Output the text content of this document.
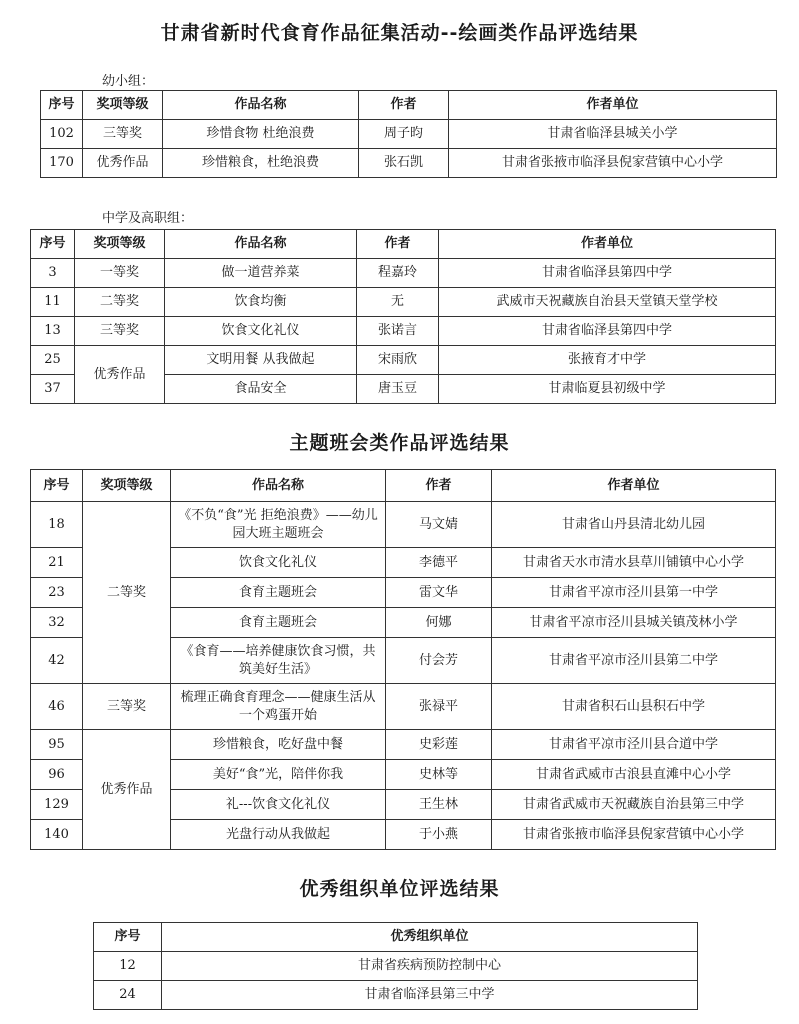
甘肃省新时代食育作品征集活动--绘画类作品评选结果
幼小组：
序号	奖项等级	作品名称	作者	作者单位
102	三等奖	珍惜食物 杜绝浪费	周子昀	甘肃省临泽县城关小学
170	优秀作品	珍惜粮食，杜绝浪费	张石凯	甘肃省张掖市临泽县倪家营镇中心小学
中学及高职组：
序号	奖项等级	作品名称	作者	作者单位
3	一等奖	做一道营养菜	程嘉玲	甘肃省临泽县第四中学
11	二等奖	饮食均衡	无	武威市天祝藏族自治县天堂镇天堂学校
13	三等奖	饮食文化礼仪	张诺言	甘肃省临泽县第四中学
25	优秀作品	文明用餐 从我做起	宋雨欣	张掖育才中学
37		食品安全	唐玉豆	甘肃临夏县初级中学
主题班会类作品评选结果
序号	奖项等级	作品名称	作者	作者单位
18	二等奖	《不负“食”光 拒绝浪费》——幼儿园大班主题班会	马文婧	甘肃省山丹县清北幼儿园
21		饮食文化礼仪	李德平	甘肃省天水市清水县草川铺镇中心小学
23		食育主题班会	雷文华	甘肃省平凉市泾川县第一中学
32		食育主题班会	何娜	甘肃省平凉市泾川县城关镇茂林小学
42		《食育——培养健康饮食习惯，共筑美好生活》	付会芳	甘肃省平凉市泾川县第二中学
46	三等奖	梳理正确食育理念——健康生活从一个鸡蛋开始	张禄平	甘肃省积石山县积石中学
95	优秀作品	珍惜粮食，吃好盘中餐	史彩莲	甘肃省平凉市泾川县合道中学
96		美好“食”光，陪伴你我	史林等	甘肃省武威市古浪县直滩中心小学
129		礼---饮食文化礼仪	王生林	甘肃省武威市天祝藏族自治县第三中学
140		光盘行动从我做起	于小燕	甘肃省张掖市临泽县倪家营镇中心小学
优秀组织单位评选结果
序号	优秀组织单位
12	甘肃省疾病预防控制中心
24	甘肃省临泽县第三中学
